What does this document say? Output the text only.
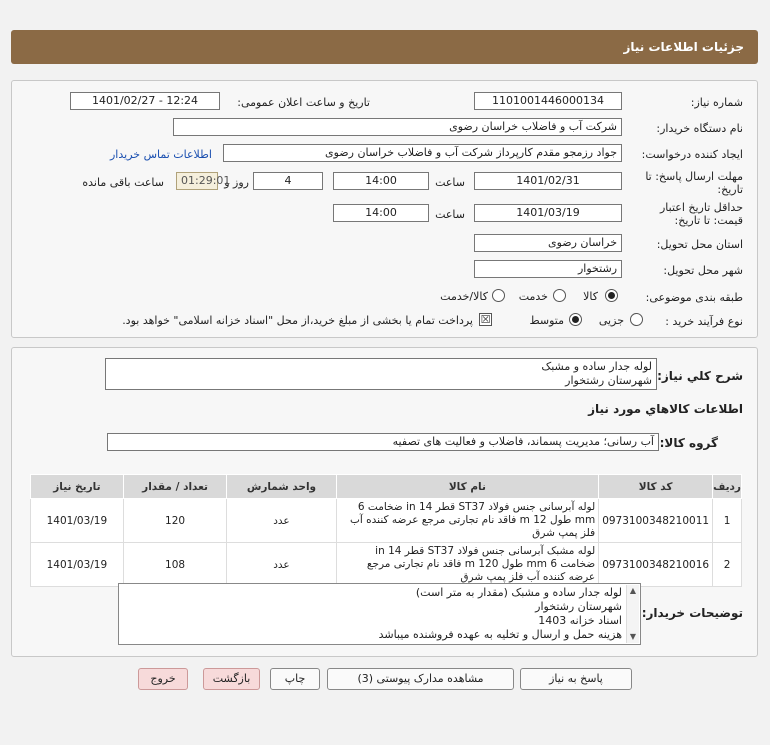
جزئیات اطلاعات نیاز
شماره نیاز:
1101001446000134
تاریخ و ساعت اعلان عمومی:
1401/02/27 - 12:24
نام دستگاه خریدار:
شرکت آب و فاضلاب خراسان رضوی
ایجاد کننده درخواست:
جواد رزمجو مقدم کارپرداز شرکت آب و فاضلاب خراسان رضوی
اطلاعات تماس خریدار
مهلت ارسال پاسخ: تا
تاریخ:
1401/02/31
ساعت
14:00
4
روز و
01:29:01
ساعت باقی مانده
حداقل تاریخ اعتبار
قیمت: تا تاریخ:
1401/03/19
ساعت
14:00
استان محل تحویل:
خراسان رضوی
شهر محل تحویل:
رشتخوار
طبقه بندی موضوعی:
کالا
خدمت
کالا/خدمت
نوع فرآیند خرید :
جزیی
متوسط
☒
پرداخت تمام یا بخشی از مبلغ خرید،از محل "اسناد خزانه اسلامی" خواهد بود.
شرح کلي نياز:
لوله جدار ساده و مشبک
شهرستان رشتخوار
اطلاعات کالاهاي مورد نياز
گروه کالا:
آب رسانی؛ مدیریت پسماند، فاضلاب و فعالیت های تصفیه
تاریخ نیاز	تعداد / مقدار	واحد شمارش	نام کالا	کد کالا	ردیف
1401/03/19	120	عدد	لوله آبرسانی جنس فولاد ST37 قطر 14 in ضخامت 6 mm طول 12 m فاقد نام تجارتی مرجع عرضه کننده آب فلز پمپ شرق	0973100348210011	1
1401/03/19	108	عدد	لوله مشبک آبرسانی جنس فولاد ST37 قطر 14 in ضخامت 6 mm طول 120 m فاقد نام تجارتی مرجع عرضه کننده آب فلز پمپ شرق	0973100348210016	2
توضیحات خریدار:
لوله جدار ساده و مشبک (مقدار به متر است)
شهرستان رشتخوار
اسناد خزانه 1403
هزینه حمل و ارسال و تخلیه به عهده فروشنده میباشد
▲
▼
پاسخ به نیاز
مشاهده مدارک پیوستی (3)
چاپ
بازگشت
خروج
